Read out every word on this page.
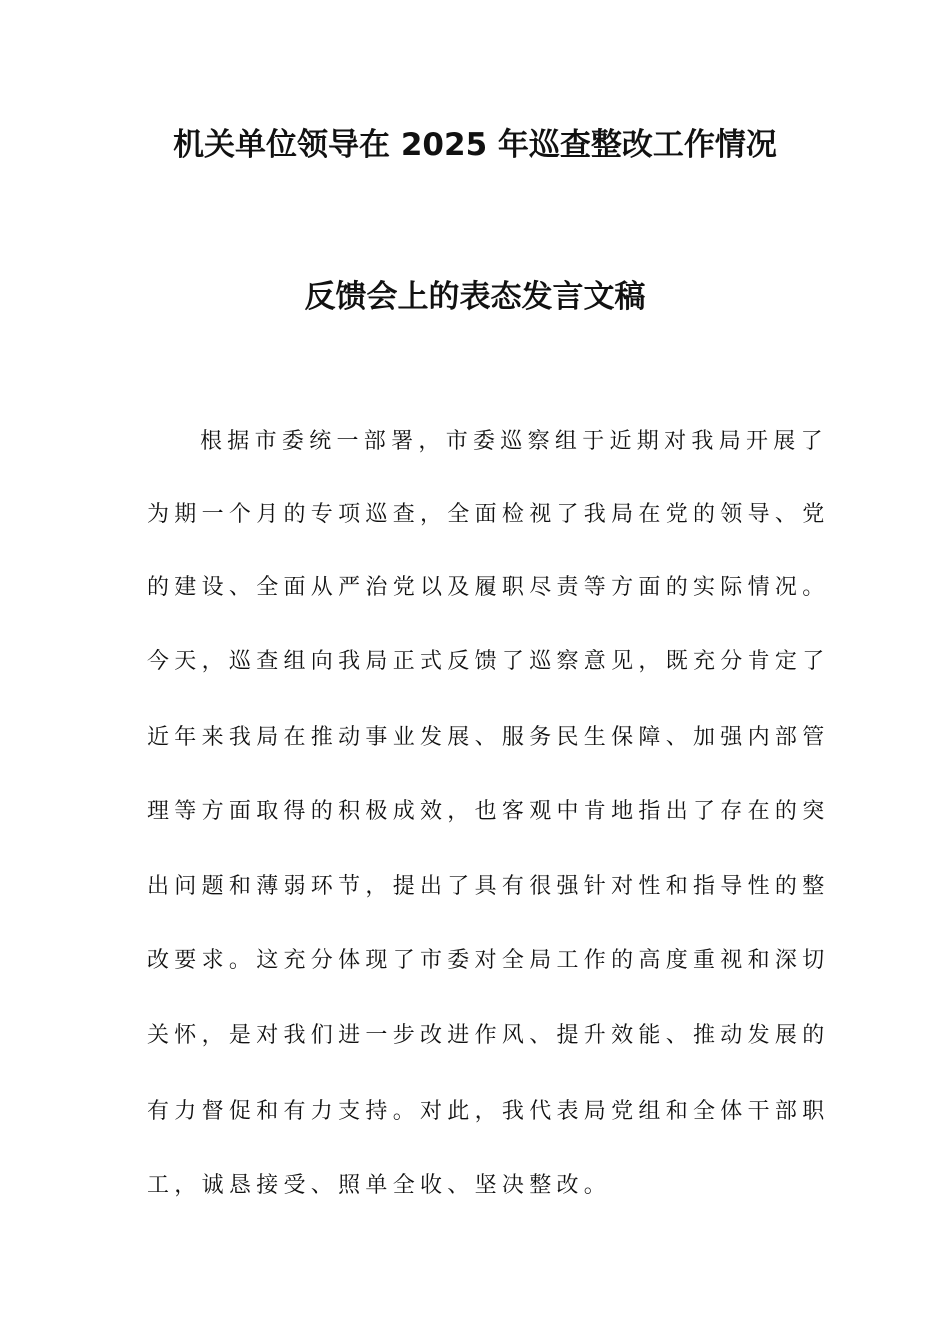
机关单位领导在 2025 年巡查整改工作情况
反馈会上的表态发言文稿
根据市委统一部署，市委巡察组于近期对我局开展了
为期一个月的专项巡查，全面检视了我局在党的领导、党
的建设、全面从严治党以及履职尽责等方面的实际情况。
今天，巡查组向我局正式反馈了巡察意见，既充分肯定了
近年来我局在推动事业发展、服务民生保障、加强内部管
理等方面取得的积极成效，也客观中肯地指出了存在的突
出问题和薄弱环节，提出了具有很强针对性和指导性的整
改要求。这充分体现了市委对全局工作的高度重视和深切
关怀，是对我们进一步改进作风、提升效能、推动发展的
有力督促和有力支持。对此，我代表局党组和全体干部职
工，诚恳接受、照单全收、坚决整改。
